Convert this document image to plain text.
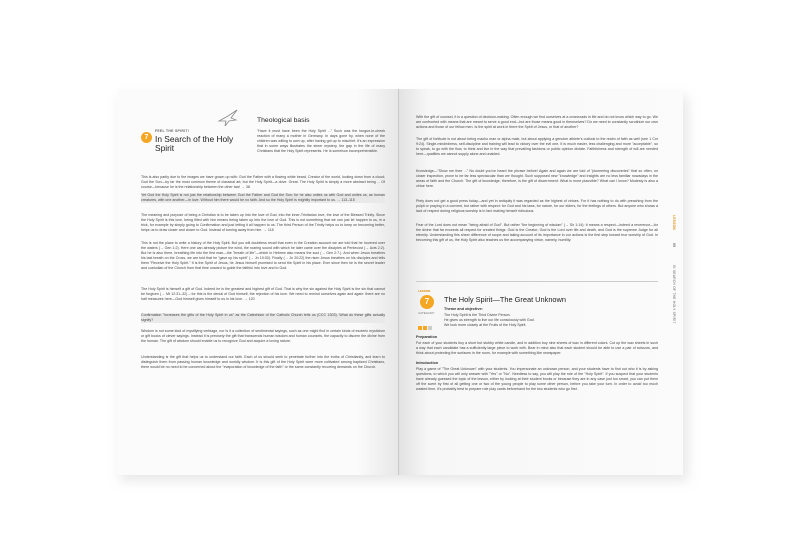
7
FEEL THE SPIRIT!
In Search of the Holy Spirit
Theological basis
"Have it must have been the Holy Spirit ..." Such was the tongue-in-cheek reaction of many a mother in Germany. In days gone by, when none of the children was willing to own up, after having got up to mischief. It's an expression that in some ways illustrates the sheer mystery, the gap in the life of many Christians that the Holy Spirit represents. He is somehow incomprehensible.
This is also partly due to the images we have grown up with: God the Father with a flowing white beard, Creator of the world, looking down from a cloud; God the Son—by far the most common theme of classical art; but the Holy Spirit—a dove. Great. The Holy Spirit is simply a more abstract being ... Of course—because he is the relationship between the other two! → 38
Yet God the Holy Spirit is not just the relationship between God the Father and God the Son; for he also unites us with God and unites us, as human creatures, with one another—in love. Without him there would be no faith. And so the Holy Spirit is mightily important to us. → 113–115
The meaning and purpose of being a Christian is to be taken up into the love of God, into the inner-Trinitarian love, the love of the Blessed Trinity. Since the Holy Spirit is this love, being filled with him means being taken up into the love of God. This is not something that we can just let happen to us, in a trick, for example by simply going to Confirmation and just letting it all happen to us. The third Person of the Trinity helps us to keep on becoming better, helps us to draw closer and closer to God. Instead of turning away from him. → 118
This is not the place to write a history of the Holy Spirit. But you will doubtless recall that even in the Creation account we are told that he hovered over the waters (→ Gen 1:2). Here one can already picture the wind, the roaring sound with which he later came over the disciples at Pentecost (→ Acts 2:2). But he is also there, breathing life into the first man—the "breath of life"—which in Hebrew also means the soul (→ Gen 2:7.). And when Jesus breathes his last breath on the Cross, we are told that he "gave up his spirit" (→ Jn 19:30). Finally (→ Jn 20:22) the risen Jesus breathes on his disciples and tells them "Receive the Holy Spirit." It is the Spirit of Jesus, he Jesus himself promised to send the Spirit in his place. Ever since then he is the secret leader and custodian of the Church from that time onward to guide the faithful into love and to God.
The Holy Spirit is himself a gift of God. Indeed he is the greatest and highest gift of God. That is why the sin against the Holy Spirit is the sin that cannot be forgiven (→ Mt 12:31–32) – for this is the denial of God himself, the rejection of his love. We need to remind ourselves again and again: there are no half measures here—God himself gives himself to us in his love. → 120
Confirmation "increases the gifts of the Holy Spirit in us" as the Catechism of the Catholic Church tells us (CCC 1303). What do these gifts actually signify?
Wisdom is not some kind of mystifying verbiage, nor is it a collection of sentimental sayings, such as one might find in certain kinds of esoteric mysticism or gift books of clever sayings. Instead it is precisely the gift that transcends human wisdom and human counsels, the capacity to discern the divine from the human. The gift of wisdom should enable us to recognize God and acquire a loving nature.
Understanding is the gift that helps us to understand our faith. Each of us should seek to penetrate further into the truths of Christianity, and learn to distinguish them from passing human knowledge and worldly wisdom. It is this gift of the Holy Spirit were more cultivated among baptized Christians, there would be no need to be concerned about the "evaporation of knowledge of the faith" or the same constantly recurring demands on the Church.
With the gift of counsel, it is a question of decision-making. Often enough we find ourselves at a crossroads in life and do not know which way to go. We are confronted with means that are meant to serve a good end—but are those means good in themselves? Do we need to constantly scrutinize our own actions and those of our fellow men. Is the spirit at work in there the Spirit of Jesus, or that of another?
The gift of fortitude is not about being macho man or alpha male, but about applying a genuine athlete's outlook to the realm of faith as well (see 1 Cor 9:24). Single-mindedness, self-discipline and training will lead to victory over the evil one. It is much easier, less challenging and more "acceptable", so to speak, to go with the flow, to think and live in the way that prevailing fashions or public opinion dictate. Faithfulness and strength of will are needed here—qualities we cannot supply alone and unaided.
Knowledge—"Show me thee ..." No doubt you've heard the phrase before! Again and again we are told of "pioneering discoveries" that so often, on closer inspection, prove to be far less spectacular than we thought. Such supposed new "knowledge" and insights are no less familiar nowadays in the areas of faith and the Church. The gift of knowledge, therefore, is the gift of discernment: What is more plausible? What can I know? Modesty is also a virtue here.
Piety does not get a good press today—and yet in antiquity it was regarded as the highest of virtues. For it has nothing to do with preaching from the pulpit or praying in a convent, but rather with respect: for God and his laws, for nature, for our elders, for the feelings of others. But anyone who shows a lack of respect during religious worship is in fact making himself ridiculous.
Fear of the Lord does not mean "being afraid of God". But rather "the beginning of wisdom" (→ Sir 1:14): It means a respect—indeed a reverence—for the divine that far exceeds all respect for created things. God is the Creator; God is the Lord over life and death, and God is the supreme Judge for all eternity. Understanding this sheer difference of scope and taking account of its importance in our actions is the first step toward true worship of God. In becoming this gift of us, the Holy Spirit also teaches us the accompanying virtue, namely, humility.
7
LESSON
CATEGORY
The Holy Spirit—The Great Unknown
Theme and objective:
The Holy Spirit is the Third Divine Person.
He gives us strength to live our life consciously with God.
We look more closely at the Fruits of the Holy Spirit.
Preparation
For each of your students buy a short but stubby white candle, and in addition buy nine sheets of wax in different colors. Cut up the wax sheets in such a way that each candidate has a sufficiently large piece to work with. Bear in mind also that each student should be able to use a pair of scissors, and think about protecting the surfaces in the room, for example with something like newspaper.
Introduction
Play a game of "The Great Unknown" with your students. You impersonate an unknown person, and your students have to find out who it is by asking questions, to which you will only answer with "Yes" or "No". Needless to say, you will play the role of the "Holy Spirit". If you suspect that your students have already guessed the topic of the lesson, either by looking at their student books or because they are in any case just too smart, you can put them off the scent by first of all getting one or two of the young people to play some other person, before you take your turn. In order to avoid too much wasted time, it's probably best to prepare role play cards beforehand for the two students who go first.
IN SEARCH OF THE HOLY SPIRIT
95
LESSON
